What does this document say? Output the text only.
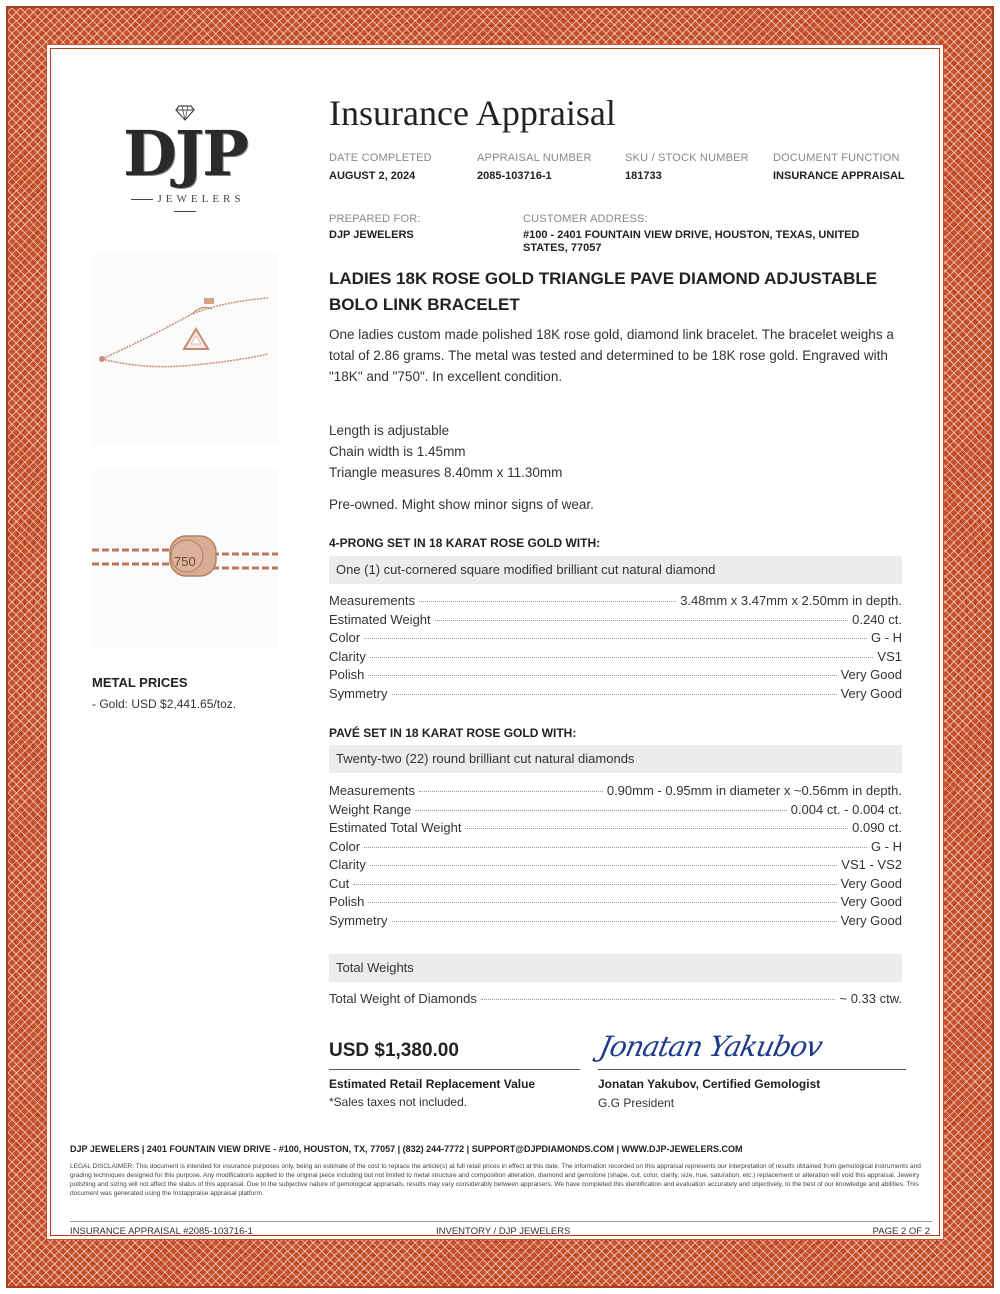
DJP
JEWELERS
Insurance Appraisal
DATE COMPLETED
AUGUST 2, 2024
APPRAISAL NUMBER
2085-103716-1
SKU / STOCK NUMBER
181733
DOCUMENT FUNCTION
INSURANCE APPRAISAL
PREPARED FOR:
DJP JEWELERS
CUSTOMER ADDRESS:
#100 - 2401 FOUNTAIN VIEW DRIVE, HOUSTON, TEXAS, UNITED STATES, 77057
LADIES 18K ROSE GOLD TRIANGLE PAVE DIAMOND ADJUSTABLE BOLO LINK BRACELET
One ladies custom made polished 18K rose gold, diamond link bracelet. The bracelet weighs a total of 2.86 grams. The metal was tested and determined to be 18K rose gold. Engraved with "18K" and "750". In excellent condition.
Length is adjustable
Chain width is 1.45mm
Triangle measures 8.40mm x 11.30mm
Pre-owned. Might show minor signs of wear.
750
METAL PRICES
- Gold: USD $2,441.65/toz.
4-PRONG SET IN 18 KARAT ROSE GOLD WITH:
One (1) cut-cornered square modified brilliant cut natural diamond
Measurements	3.48mm x 3.47mm x 2.50mm in depth.
Estimated Weight	0.240 ct.
Color	G - H
Clarity	VS1
Polish	Very Good
Symmetry	Very Good
PAVÉ SET IN 18 KARAT ROSE GOLD WITH:
Twenty-two (22) round brilliant cut natural diamonds
Measurements	0.90mm - 0.95mm in diameter x ~0.56mm in depth.
Weight Range	0.004 ct. - 0.004 ct.
Estimated Total Weight	0.090 ct.
Color	G - H
Clarity	VS1 - VS2
Cut	Very Good
Polish	Very Good
Symmetry	Very Good
Total Weights
Total Weight of Diamonds	~ 0.33 ctw.
USD $1,380.00
Estimated Retail Replacement Value
*Sales taxes not included.
Jonatan Yakubov
Jonatan Yakubov, Certified Gemologist
G.G President
DJP JEWELERS | 2401 FOUNTAIN VIEW DRIVE - #100, HOUSTON, TX, 77057 | (832) 244-7772 | SUPPORT@DJPDIAMONDS.COM | WWW.DJP-JEWELERS.COM
LEGAL DISCLAIMER: This document is intended for insurance purposes only, being an estimate of the cost to replace the article(s) at full retail prices in effect at this date. The information recorded on this appraisal represents our interpretation of results obtained from gemological instruments and grading techniques designed for this purpose. Any modifications applied to the original piece including but not limited to metal structure and composition alteration, diamond and gemstone (shape, cut, color, clarity, size, hue, saturation, etc.) replacement or alteration will void this appraisal. Jewelry polishing and sizing will not affect the status of this appraisal. Due to the subjective nature of gemological appraisals, results may vary considerably between appraisers. We have completed this identification and evaluation accurately and objectively, to the best of our knowledge and abilities. This document was generated using the Instappraise appraisal platform.
INSURANCE APPRAISAL #2085-103716-1	INVENTORY / DJP JEWELERS	PAGE 2 OF 2
